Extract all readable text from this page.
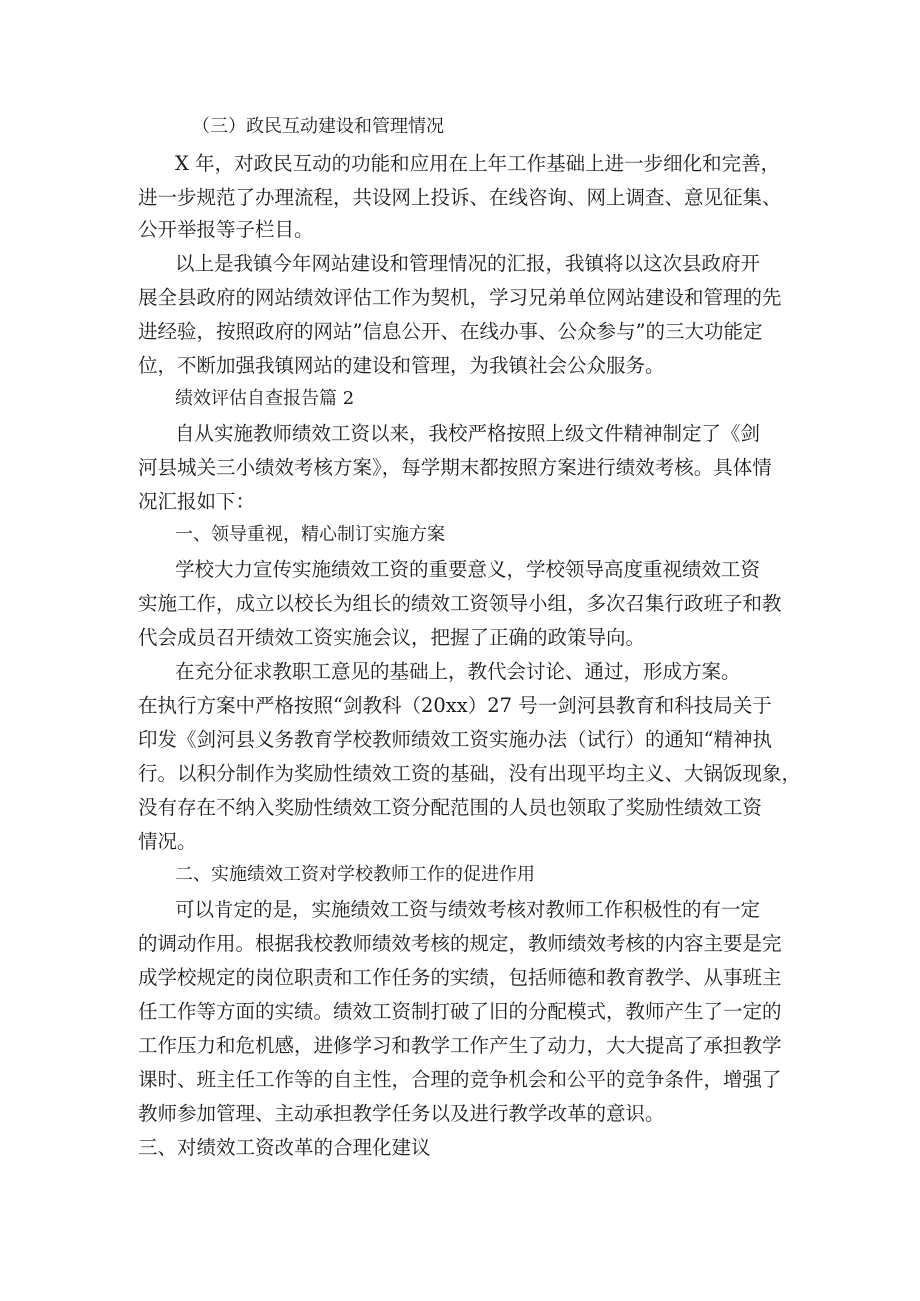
（三）政民互动建设和管理情况

X 年，对政民互动的功能和应用在上年工作基础上进一步细化和完善，

进一步规范了办理流程，共设网上投诉、在线咨询、网上调查、意见征集、

公开举报等子栏目。

以上是我镇今年网站建设和管理情况的汇报，我镇将以这次县政府开

展全县政府的网站绩效评估工作为契机，学习兄弟单位网站建设和管理的先

进经验，按照政府的网站”信息公开、在线办事、公众参与”的三大功能定

位，不断加强我镇网站的建设和管理，为我镇社会公众服务。

绩效评估自查报告篇 2

自从实施教师绩效工资以来，我校严格按照上级文件精神制定了《剑

河县城关三小绩效考核方案》，每学期末都按照方案进行绩效考核。具体情

况汇报如下：

一、领导重视，精心制订实施方案

学校大力宣传实施绩效工资的重要意义，学校领导高度重视绩效工资

实施工作，成立以校长为组长的绩效工资领导小组，多次召集行政班子和教

代会成员召开绩效工资实施会议，把握了正确的政策导向。

在充分征求教职工意见的基础上，教代会讨论、通过，形成方案。

在执行方案中严格按照“剑教科（20xx）27 号一剑河县教育和科技局关于

印发《剑河县义务教育学校教师绩效工资实施办法（试行）的通知“精神执

行。以积分制作为奖励性绩效工资的基础，没有出现平均主义、大锅饭现象，

没有存在不纳入奖励性绩效工资分配范围的人员也领取了奖励性绩效工资

情况。

二、实施绩效工资对学校教师工作的促进作用

可以肯定的是，实施绩效工资与绩效考核对教师工作积极性的有一定

的调动作用。根据我校教师绩效考核的规定，教师绩效考核的内容主要是完

成学校规定的岗位职责和工作任务的实绩，包括师德和教育教学、从事班主

任工作等方面的实绩。绩效工资制打破了旧的分配模式，教师产生了一定的

工作压力和危机感，进修学习和教学工作产生了动力，大大提高了承担教学

课时、班主任工作等的自主性，合理的竞争机会和公平的竞争条件，增强了

教师参加管理、主动承担教学任务以及进行教学改革的意识。

三、对绩效工资改革的合理化建议
